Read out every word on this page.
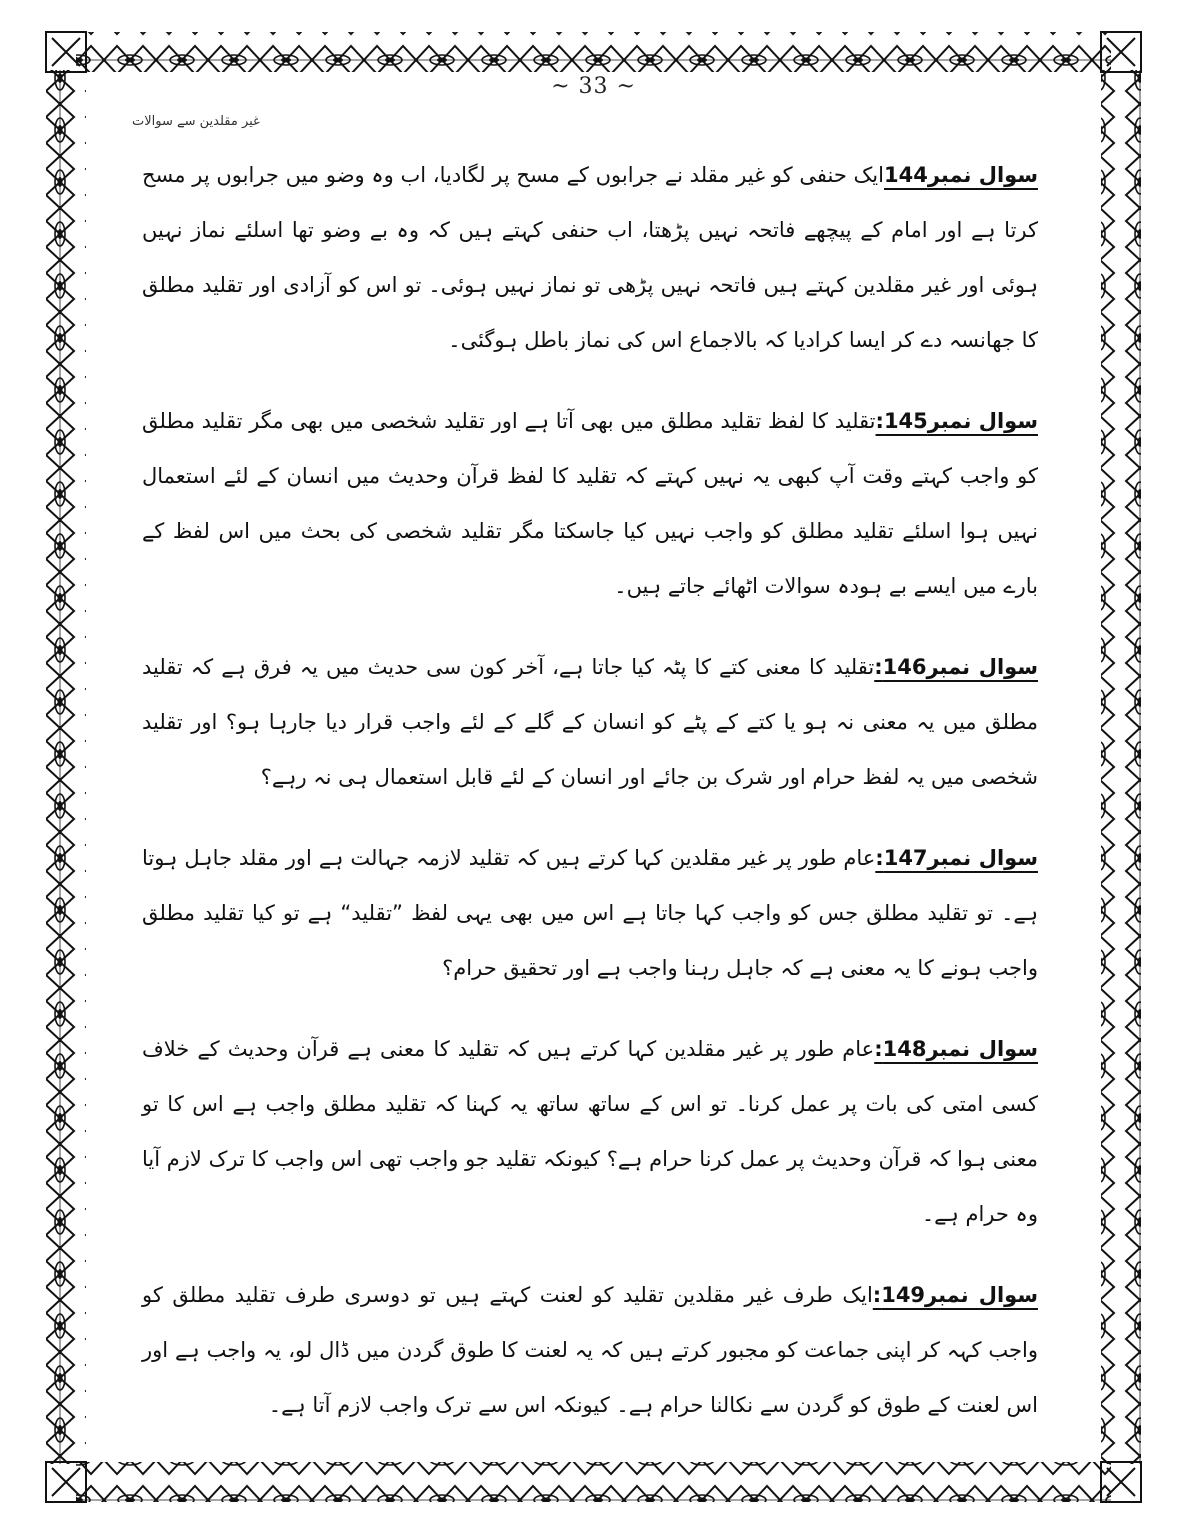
~ 33 ~
غیر مقلدین سے سوالات

سوال نمبر144ایک حنفی کو غیر مقلد نے جرابوں کے مسح پر لگادیا، اب وہ وضو میں جرابوں پر مسح کرتا ہے اور امام کے پیچھے فاتحہ نہیں پڑھتا، اب حنفی کہتے ہیں کہ وہ بے وضو تھا اسلئے نماز نہیں ہوئی اور غیر مقلدین کہتے ہیں فاتحہ نہیں پڑھی تو نماز نہیں ہوئی۔ تو اس کو آزادی اور تقلید مطلق کا جھانسہ دے کر ایسا کرادیا کہ بالاجماع اس کی نماز باطل ہوگئی۔

سوال نمبر145:تقلید کا لفظ تقلید مطلق میں بھی آتا ہے اور تقلید شخصی میں بھی مگر تقلید مطلق کو واجب کہتے وقت آپ کبھی یہ نہیں کہتے کہ تقلید کا لفظ قرآن وحدیث میں انسان کے لئے استعمال نہیں ہوا اسلئے تقلید مطلق کو واجب نہیں کیا جاسکتا مگر تقلید شخصی کی بحث میں اس لفظ کے بارے میں ایسے بے ہودہ سوالات اٹھائے جاتے ہیں۔

سوال نمبر146:تقلید کا معنی کتے کا پٹہ کیا جاتا ہے، آخر کون سی حدیث میں یہ فرق ہے کہ تقلید مطلق میں یہ معنی نہ ہو یا کتے کے پٹے کو انسان کے گلے کے لئے واجب قرار دیا جارہا ہو؟ اور تقلید شخصی میں یہ لفظ حرام اور شرک بن جائے اور انسان کے لئے قابل استعمال ہی نہ رہے؟

سوال نمبر147:عام طور پر غیر مقلدین کہا کرتے ہیں کہ تقلید لازمہ جہالت ہے اور مقلد جاہل ہوتا ہے۔ تو تقلید مطلق جس کو واجب کہا جاتا ہے اس میں بھی یہی لفظ ”تقلید“ ہے تو کیا تقلید مطلق واجب ہونے کا یہ معنی ہے کہ جاہل رہنا واجب ہے اور تحقیق حرام؟

سوال نمبر148:عام طور پر غیر مقلدین کہا کرتے ہیں کہ تقلید کا معنی ہے قرآن وحدیث کے خلاف کسی امتی کی بات پر عمل کرنا۔ تو اس کے ساتھ ساتھ یہ کہنا کہ تقلید مطلق واجب ہے اس کا تو معنی ہوا کہ قرآن وحدیث پر عمل کرنا حرام ہے؟ کیونکہ تقلید جو واجب تھی اس واجب کا ترک لازم آیا وہ حرام ہے۔

سوال نمبر149:ایک طرف غیر مقلدین تقلید کو لعنت کہتے ہیں تو دوسری طرف تقلید مطلق کو واجب کہہ کر اپنی جماعت کو مجبور کرتے ہیں کہ یہ لعنت کا طوق گردن میں ڈال لو، یہ واجب ہے اور اس لعنت کے طوق کو گردن سے نکالنا حرام ہے۔ کیونکہ اس سے ترک واجب لازم آتا ہے۔
